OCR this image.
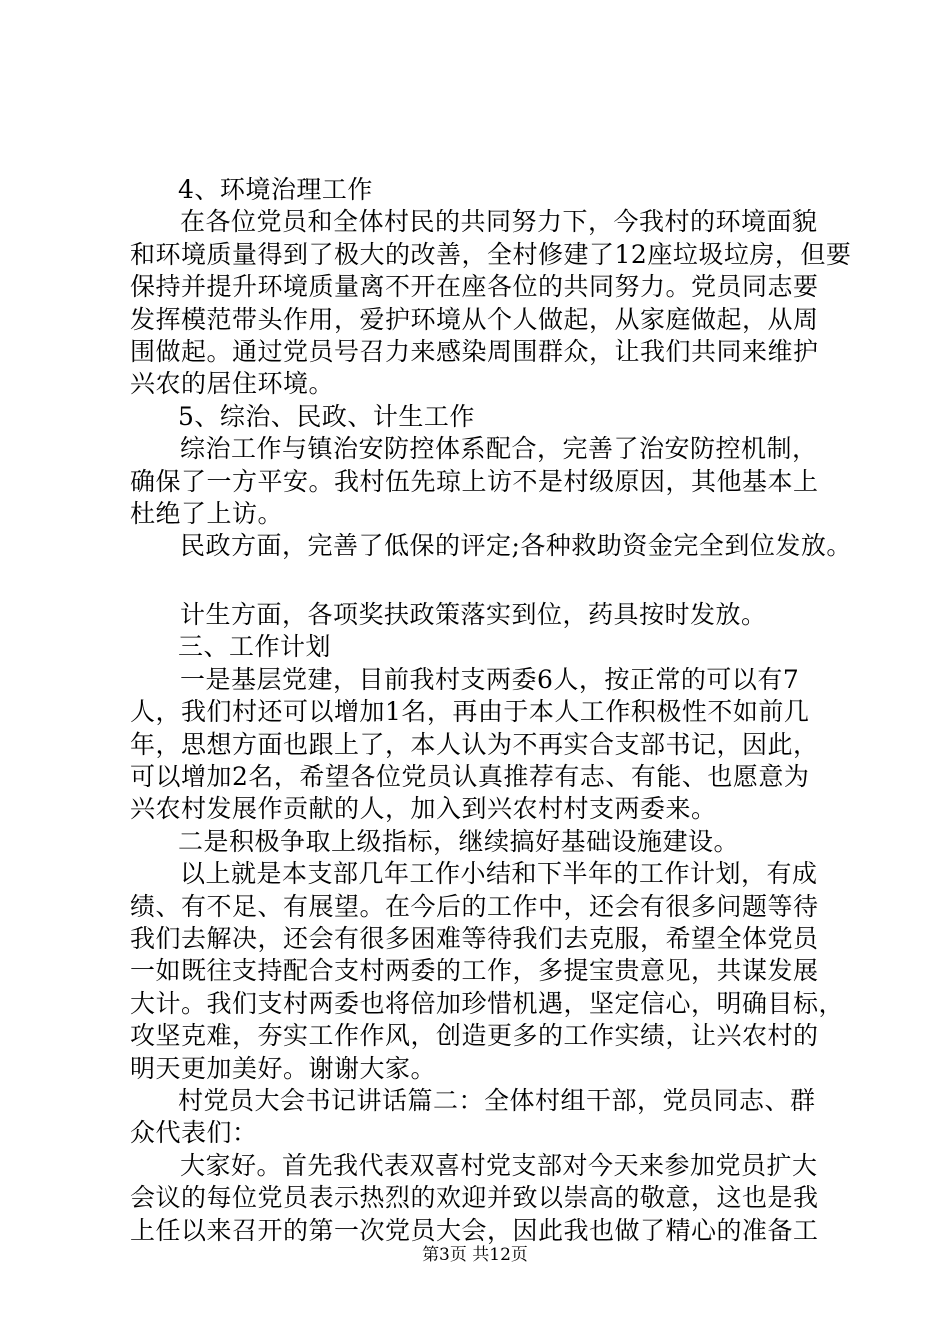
4、环境治理工作
在各位党员和全体村民的共同努力下，今我村的环境面貌
和环境质量得到了极大的改善，全村修建了12座垃圾垃房，但要
保持并提升环境质量离不开在座各位的共同努力。党员同志要
发挥模范带头作用，爱护环境从个人做起，从家庭做起，从周
围做起。通过党员号召力来感染周围群众，让我们共同来维护
兴农的居住环境。
5、综治、民政、计生工作
综治工作与镇治安防控体系配合，完善了治安防控机制，
确保了一方平安。我村伍先琼上访不是村级原因，其他基本上
杜绝了上访。
民政方面，完善了低保的评定;各种救助资金完全到位发放。
计生方面，各项奖扶政策落实到位，药具按时发放。
三、工作计划
一是基层党建，目前我村支两委6人，按正常的可以有7
人，我们村还可以增加1名，再由于本人工作积极性不如前几
年，思想方面也跟上了，本人认为不再实合支部书记，因此，
可以增加2名，希望各位党员认真推荐有志、有能、也愿意为
兴农村发展作贡献的人，加入到兴农村村支两委来。
二是积极争取上级指标，继续搞好基础设施建设。
以上就是本支部几年工作小结和下半年的工作计划，有成
绩、有不足、有展望。在今后的工作中，还会有很多问题等待
我们去解决，还会有很多困难等待我们去克服，希望全体党员
一如既往支持配合支村两委的工作，多提宝贵意见，共谋发展
大计。我们支村两委也将倍加珍惜机遇，坚定信心，明确目标，
攻坚克难，夯实工作作风，创造更多的工作实绩，让兴农村的
明天更加美好。谢谢大家。
村党员大会书记讲话篇二：全体村组干部，党员同志、群
众代表们：
大家好。首先我代表双喜村党支部对今天来参加党员扩大
会议的每位党员表示热烈的欢迎并致以崇高的敬意，这也是我
上任以来召开的第一次党员大会，因此我也做了精心的准备工
第3页 共12页
